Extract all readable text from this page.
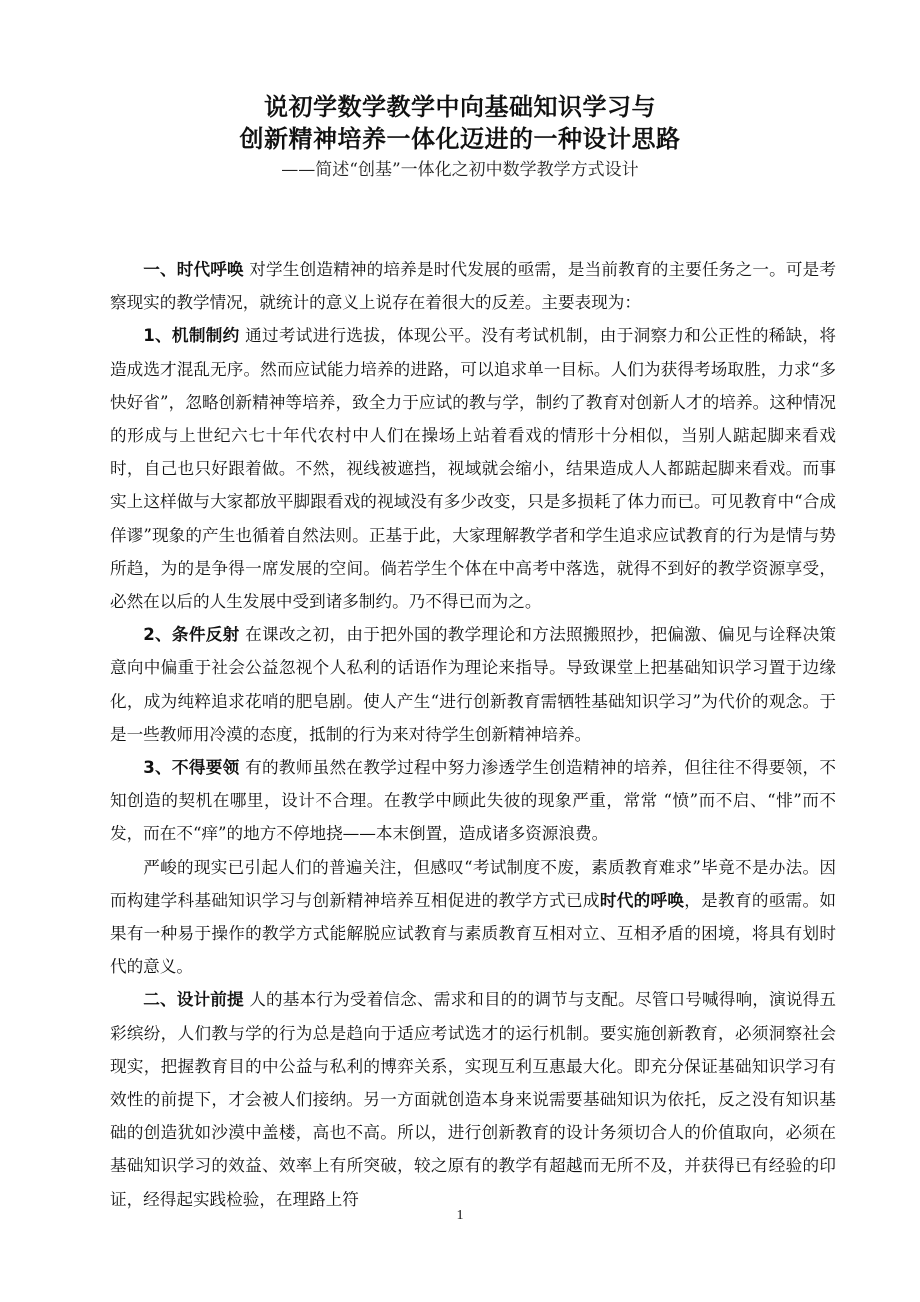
说初学数学教学中向基础知识学习与
创新精神培养一体化迈进的一种设计思路
——简述“创基”一体化之初中数学教学方式设计

一、时代呼唤 对学生创造精神的培养是时代发展的亟需，是当前教育的主要任务之一。可是考察现实的教学情况，就统计的意义上说存在着很大的反差。主要表现为：

1、机制制约 通过考试进行选拔，体现公平。没有考试机制，由于洞察力和公正性的稀缺，将造成选才混乱无序。然而应试能力培养的进路，可以追求单一目标。人们为获得考场取胜，力求“多快好省”，忽略创新精神等培养，致全力于应试的教与学，制约了教育对创新人才的培养。这种情况的形成与上世纪六七十年代农村中人们在操场上站着看戏的情形十分相似，当别人踮起脚来看戏时，自己也只好跟着做。不然，视线被遮挡，视域就会缩小，结果造成人人都踮起脚来看戏。而事实上这样做与大家都放平脚跟看戏的视域没有多少改变，只是多损耗了体力而已。可见教育中“合成佯谬”现象的产生也循着自然法则。正基于此，大家理解教学者和学生追求应试教育的行为是情与势所趋，为的是争得一席发展的空间。倘若学生个体在中高考中落选，就得不到好的教学资源享受，必然在以后的人生发展中受到诸多制约。乃不得已而为之。

2、条件反射 在课改之初，由于把外国的教学理论和方法照搬照抄，把偏激、偏见与诠释决策意向中偏重于社会公益忽视个人私利的话语作为理论来指导。导致课堂上把基础知识学习置于边缘化，成为纯粹追求花哨的肥皂剧。使人产生“进行创新教育需牺牲基础知识学习”为代价的观念。于是一些教师用冷漠的态度，抵制的行为来对待学生创新精神培养。

3、不得要领 有的教师虽然在教学过程中努力渗透学生创造精神的培养，但往往不得要领，不知创造的契机在哪里，设计不合理。在教学中顾此失彼的现象严重，常常 “愤”而不启、“悱”而不发，而在不“痒”的地方不停地挠——本末倒置，造成诸多资源浪费。

严峻的现实已引起人们的普遍关注，但感叹“考试制度不废，素质教育难求”毕竟不是办法。因而构建学科基础知识学习与创新精神培养互相促进的教学方式已成时代的呼唤，是教育的亟需。如果有一种易于操作的教学方式能解脱应试教育与素质教育互相对立、互相矛盾的困境，将具有划时代的意义。

二、设计前提 人的基本行为受着信念、需求和目的的调节与支配。尽管口号喊得响，演说得五彩缤纷，人们教与学的行为总是趋向于适应考试选才的运行机制。要实施创新教育，必须洞察社会现实，把握教育目的中公益与私利的博弈关系，实现互利互惠最大化。即充分保证基础知识学习有效性的前提下，才会被人们接纳。另一方面就创造本身来说需要基础知识为依托，反之没有知识基础的创造犹如沙漠中盖楼，高也不高。所以，进行创新教育的设计务须切合人的价值取向，必须在基础知识学习的效益、效率上有所突破，较之原有的教学有超越而无所不及，并获得已有经验的印证，经得起实践检验，在理路上符

1
